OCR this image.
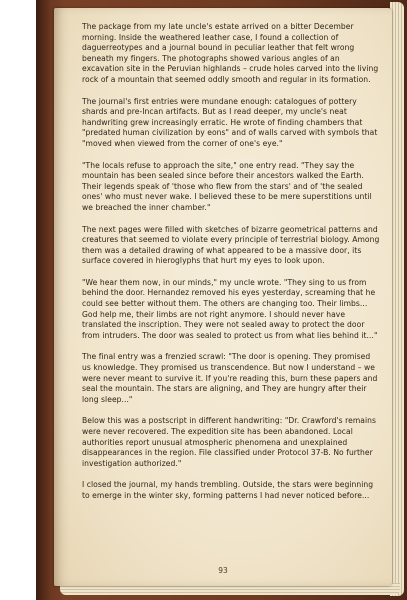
The package from my late uncle's estate arrived on a bitter December morning. Inside the weathered leather case, I found a collection of daguerreotypes and a journal bound in peculiar leather that felt wrong beneath my fingers. The photographs showed various angles of an excavation site in the Peruvian highlands – crude holes carved into the living rock of a mountain that seemed oddly smooth and regular in its formation.

The journal's first entries were mundane enough: catalogues of pottery shards and pre-Incan artifacts. But as I read deeper, my uncle's neat handwriting grew increasingly erratic. He wrote of finding chambers that "predated human civilization by eons" and of walls carved with symbols that "moved when viewed from the corner of one's eye."

"The locals refuse to approach the site," one entry read. "They say the mountain has been sealed since before their ancestors walked the Earth. Their legends speak of 'those who flew from the stars' and of 'the sealed ones' who must never wake. I believed these to be mere superstitions until we breached the inner chamber."

The next pages were filled with sketches of bizarre geometrical patterns and creatures that seemed to violate every principle of terrestrial biology. Among them was a detailed drawing of what appeared to be a massive door, its surface covered in hieroglyphs that hurt my eyes to look upon.

"We hear them now, in our minds," my uncle wrote. "They sing to us from behind the door. Hernandez removed his eyes yesterday, screaming that he could see better without them. The others are changing too. Their limbs... God help me, their limbs are not right anymore. I should never have translated the inscription. They were not sealed away to protect the door from intruders. The door was sealed to protect us from what lies behind it..."

The final entry was a frenzied scrawl: "The door is opening. They promised us knowledge. They promised us transcendence. But now I understand – we were never meant to survive it. If you're reading this, burn these papers and seal the mountain. The stars are aligning, and They are hungry after their long sleep..."

Below this was a postscript in different handwriting: "Dr. Crawford's remains were never recovered. The expedition site has been abandoned. Local authorities report unusual atmospheric phenomena and unexplained disappearances in the region. File classified under Protocol 37-B. No further investigation authorized."

I closed the journal, my hands trembling. Outside, the stars were beginning to emerge in the winter sky, forming patterns I had never noticed before...

93
